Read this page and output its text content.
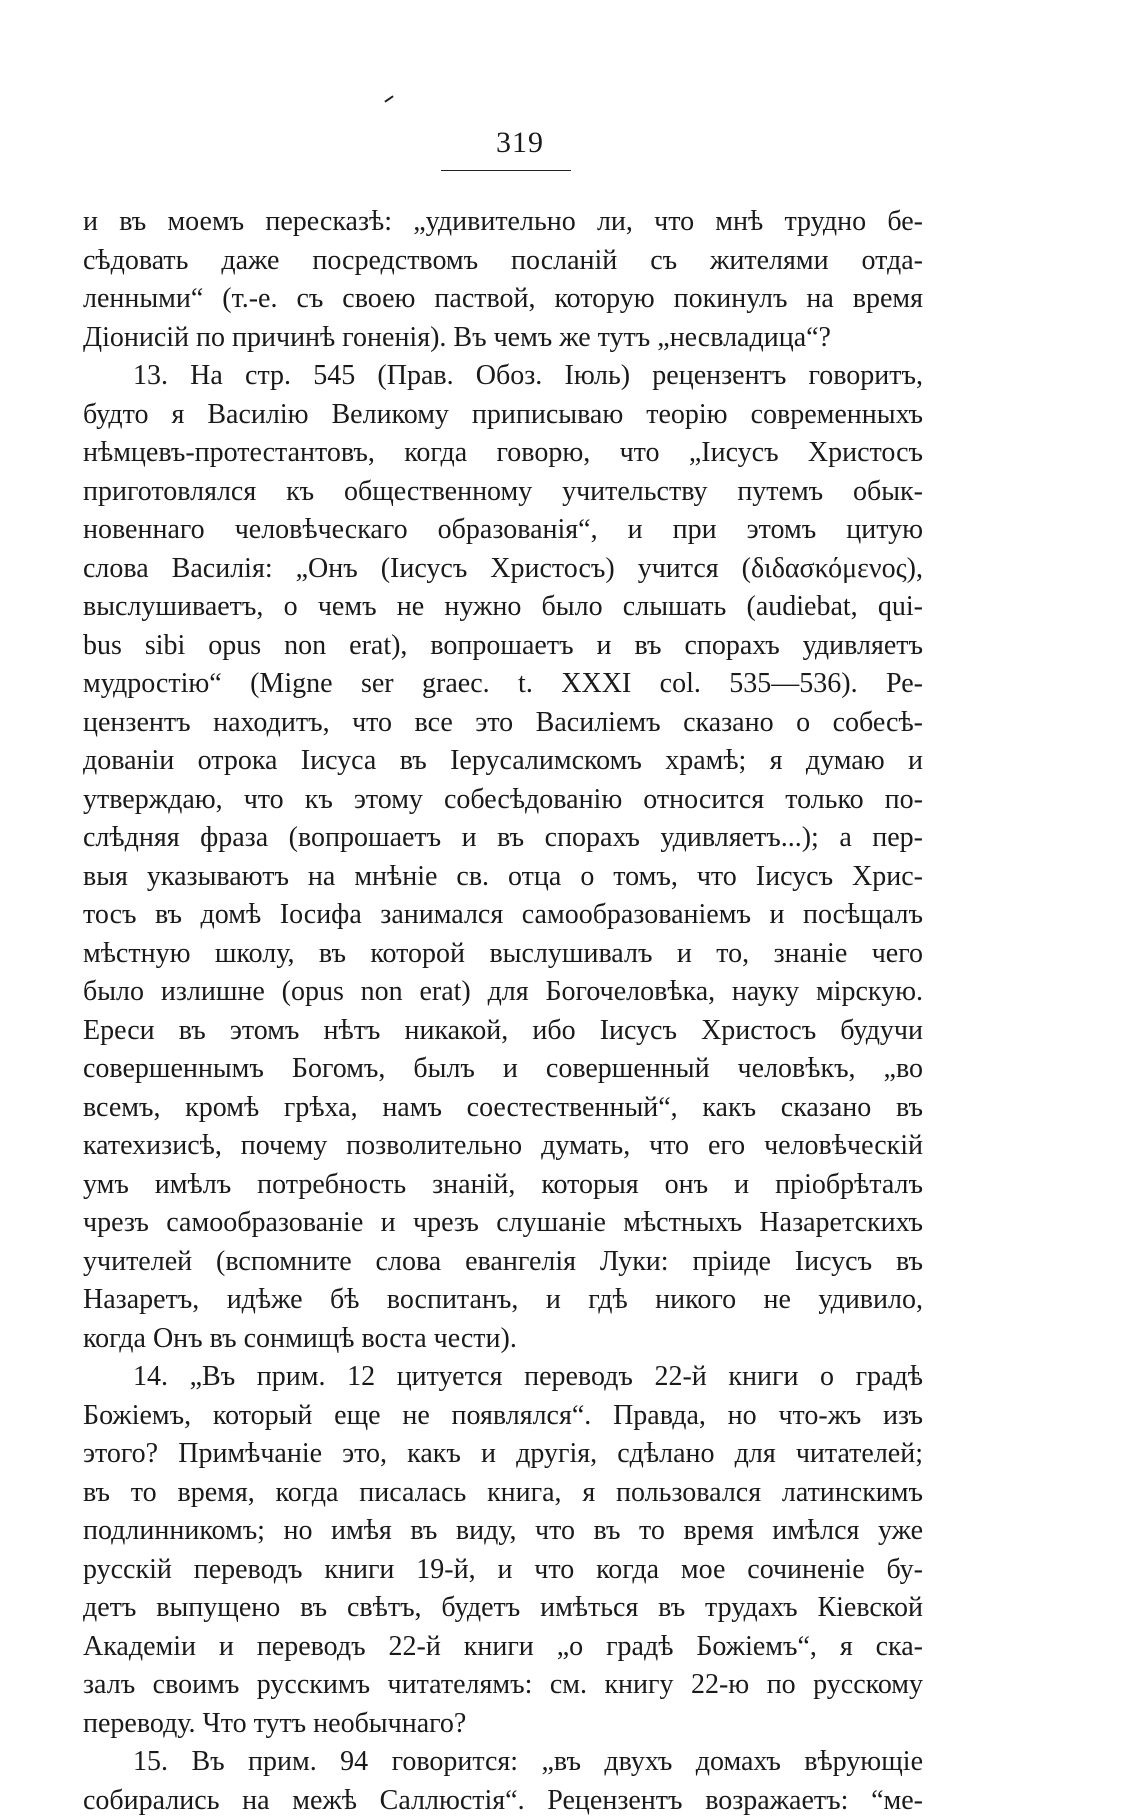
319
и въ моемъ пересказѣ: „удивительно ли, что мнѣ трудно бе-
сѣдовать даже посредствомъ посланій съ жителями отда-
ленными“ (т.-е. съ своею паствой, которую покинулъ на время
Діонисій по причинѣ гоненія). Въ чемъ же тутъ „несвладица“?
13. На стр. 545 (Прав. Обоз. Іюль) рецензентъ говоритъ,
будто я Василію Великому приписываю теорію современныхъ
нѣмцевъ-протестантовъ, когда говорю, что „Іисусъ Христосъ
приготовлялся къ общественному учительству путемъ обык-
новеннаго человѣческаго образованія“, и при этомъ цитую
слова Василія: „Онъ (Іисусъ Христосъ) учится (διδασκόμενος),
выслушиваетъ, о чемъ не нужно было слышать (audiebat, qui-
bus sibi opus non erat), вопрошаетъ и въ спорахъ удивляетъ
мудростію“ (Migne ser graec. t. XXXI col. 535—536). Ре-
цензентъ находитъ, что все это Василіемъ сказано о собесѣ-
дованіи отрока Іисуса въ Іерусалимскомъ храмѣ; я думаю и
утверждаю, что къ этому собесѣдованію относится только по-
слѣдняя фраза (вопрошаетъ и въ спорахъ удивляетъ...); а пер-
выя указываютъ на мнѣніе св. отца о томъ, что Іисусъ Хрис-
тосъ въ домѣ Іосифа занимался самообразованіемъ и посѣщалъ
мѣстную школу, въ которой выслушивалъ и то, знаніе чего
было излишне (opus non erat) для Богочеловѣка, науку мірскую.
Ереси въ этомъ нѣтъ никакой, ибо Іисусъ Христосъ будучи
совершеннымъ Богомъ, былъ и совершенный человѣкъ, „во
всемъ, кромѣ грѣха, намъ соестественный“, какъ сказано въ
катехизисѣ, почему позволительно думать, что его человѣческій
умъ имѣлъ потребность знаній, которыя онъ и пріобрѣталъ
чрезъ самообразованіе и чрезъ слушаніе мѣстныхъ Назаретскихъ
учителей (вспомните слова евангелія Луки: пріиде Іисусъ въ
Назаретъ, идѣже бѣ воспитанъ, и гдѣ никого не удивило,
когда Онъ въ сонмищѣ воста чести).
14. „Въ прим. 12 цитуется переводъ 22-й книги о градѣ
Божіемъ, который еще не появлялся“. Правда, но что-жъ изъ
этого? Примѣчаніе это, какъ и другія, сдѣлано для читателей;
въ то время, когда писалась книга, я пользовался латинскимъ
подлинникомъ; но имѣя въ виду, что въ то время имѣлся уже
русскій переводъ книги 19-й, и что когда мое сочиненіе бу-
детъ выпущено въ свѣтъ, будетъ имѣться въ трудахъ Кіевской
Академіи и переводъ 22-й книги „о градѣ Божіемъ“, я ска-
залъ своимъ русскимъ читателямъ: см. книгу 22-ю по русскому
переводу. Что тутъ необычнаго?
15. Въ прим. 94 говорится: „въ двухъ домахъ вѣрующіе
собирались на межѣ Саллюстія“. Рецензентъ возражаетъ: “ме-
